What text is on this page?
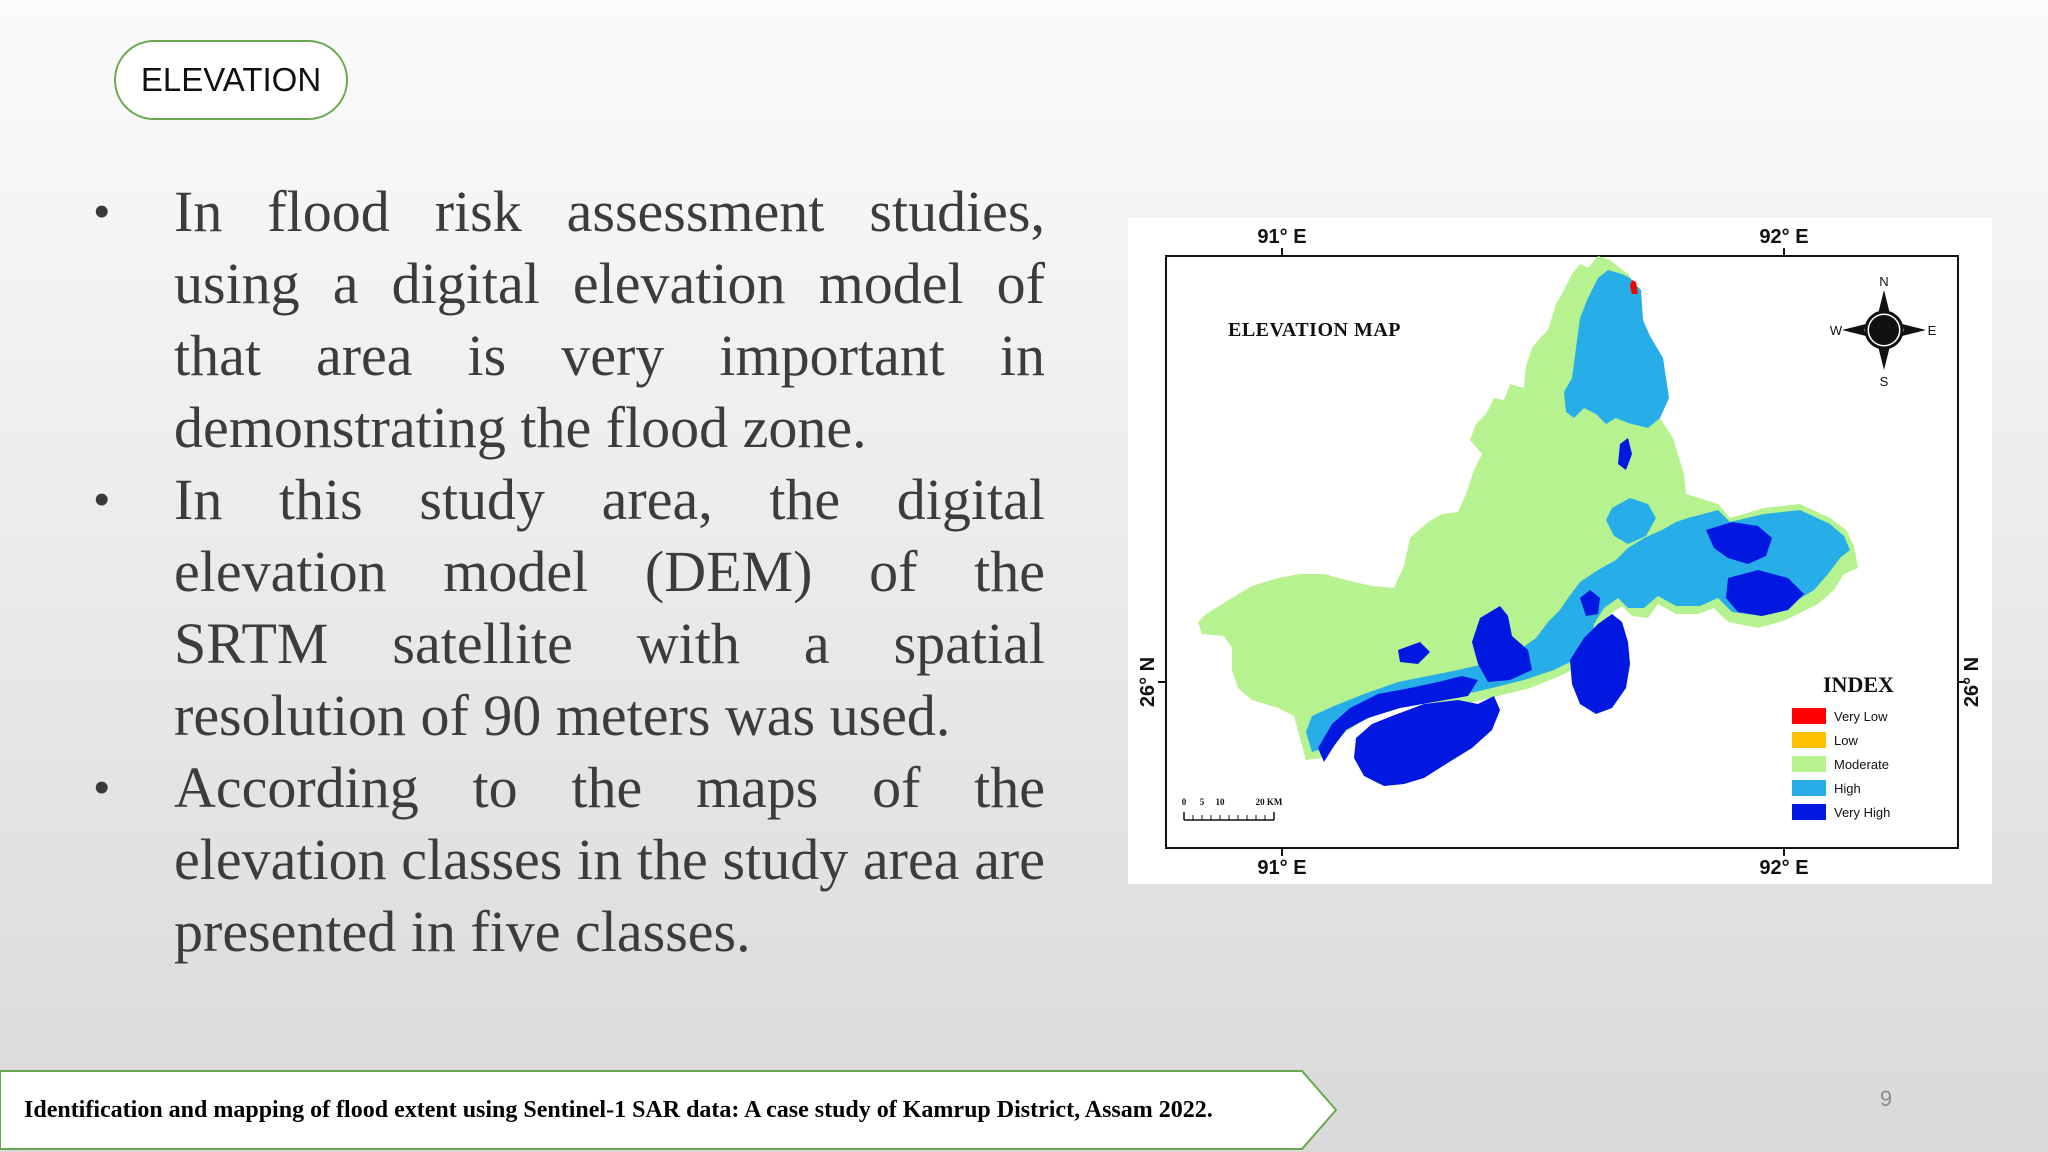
ELEVATION
• In flood risk assessment studies, using a digital elevation model of that area is very important in demonstrating the flood zone.
• In this study area, the digital elevation model (DEM) of the SRTM satellite with a spatial resolution of 90 meters was used.
• According to the maps of the elevation classes in the study area are presented in five classes.
91° E	92° E
91° E	92° E
26° N	26° N
ELEVATION MAP
N
S
E
W
0 5 10	20 KM
INDEX
Very Low
Low
Moderate
High
Very High
Identification and mapping of flood extent using Sentinel-1 SAR data: A case study of Kamrup District, Assam 2022.	9
